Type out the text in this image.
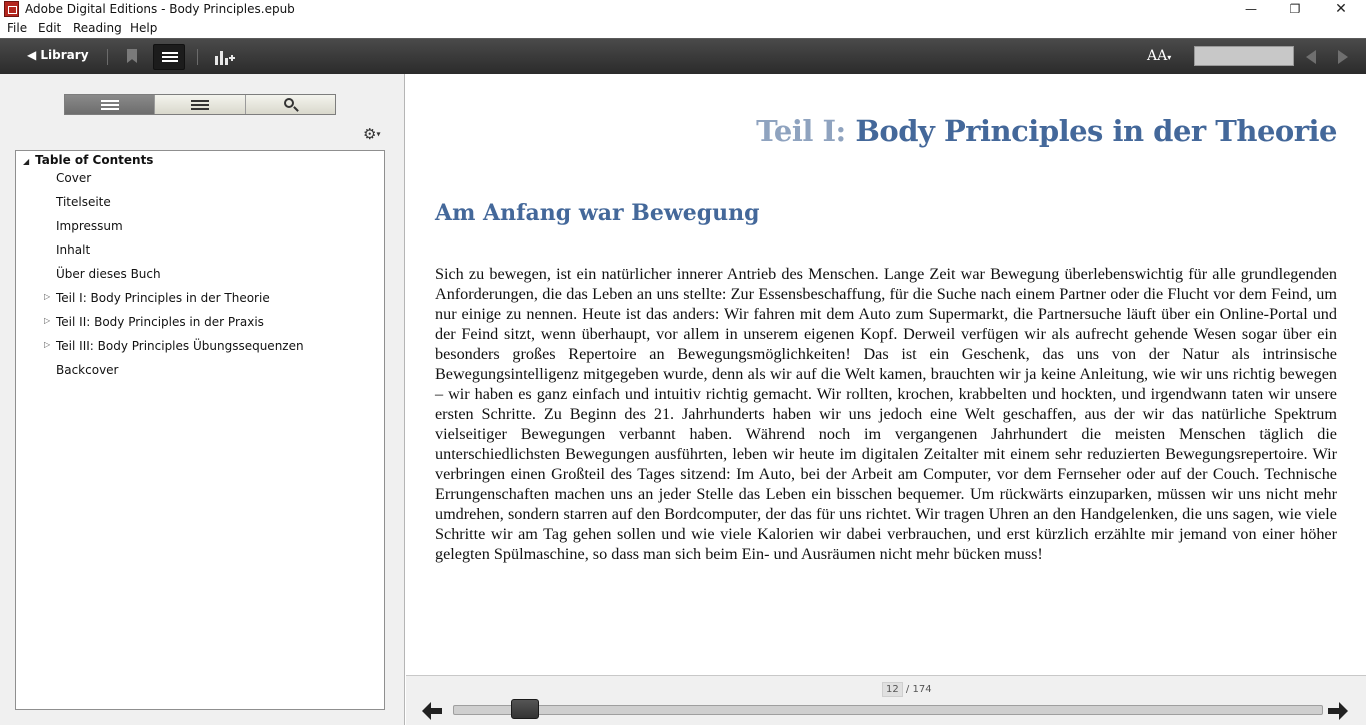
Adobe Digital Editions - Body Principles.epub	—	❐	✕
File Edit Reading Help
◀ Library	AA▾
⚙▾
◢ Table of Contents
Cover
Titelseite
Impressum
Inhalt
Über dieses Buch
▷ Teil I: Body Principles in der Theorie
▷ Teil II: Body Principles in der Praxis
▷ Teil III: Body Principles Übungssequenzen
Backcover
Teil I: Body Principles in der Theorie
Am Anfang war Bewegung
Sich zu bewegen, ist ein natürlicher innerer Antrieb des Menschen. Lange Zeit war Bewegung überlebenswichtig für alle grundlegenden Anforderungen, die das Leben an uns stellte: Zur Essensbeschaffung, für die Suche nach einem Partner oder die Flucht vor dem Feind, um nur einige zu nennen. Heute ist das anders: Wir fahren mit dem Auto zum Supermarkt, die Partnersuche läuft über ein Online-Portal und der Feind sitzt, wenn überhaupt, vor allem in unserem eigenen Kopf. Derweil verfügen wir als aufrecht gehende Wesen sogar über ein besonders großes Repertoire an Bewegungsmöglichkeiten! Das ist ein Geschenk, das uns von der Natur als intrinsische Bewegungsintelligenz mitgegeben wurde, denn als wir auf die Welt kamen, brauchten wir ja keine Anleitung, wie wir uns richtig bewegen – wir haben es ganz einfach und intuitiv richtig gemacht. Wir rollten, krochen, krabbelten und hockten, und irgendwann taten wir unsere ersten Schritte. Zu Beginn des 21. Jahrhunderts haben wir uns jedoch eine Welt geschaffen, aus der wir das natürliche Spektrum vielseitiger Bewegungen verbannt haben. Während noch im vergangenen Jahrhundert die meisten Menschen täglich die unterschiedlichsten Bewegungen ausführten, leben wir heute im digitalen Zeitalter mit einem sehr reduzierten Bewegungsrepertoire. Wir verbringen einen Großteil des Tages sitzend: Im Auto, bei der Arbeit am Computer, vor dem Fernseher oder auf der Couch. Technische Errungenschaften machen uns an jeder Stelle das Leben ein bisschen bequemer. Um rückwärts einzuparken, müssen wir uns nicht mehr umdrehen, sondern starren auf den Bordcomputer, der das für uns richtet. Wir tragen Uhren an den Handgelenken, die uns sagen, wie viele Schritte wir am Tag gehen sollen und wie viele Kalorien wir dabei verbrauchen, und erst kürzlich erzählte mir jemand von einer höher gelegten Spülmaschine, so dass man sich beim Ein- und Ausräumen nicht mehr bücken muss!
12 / 174
